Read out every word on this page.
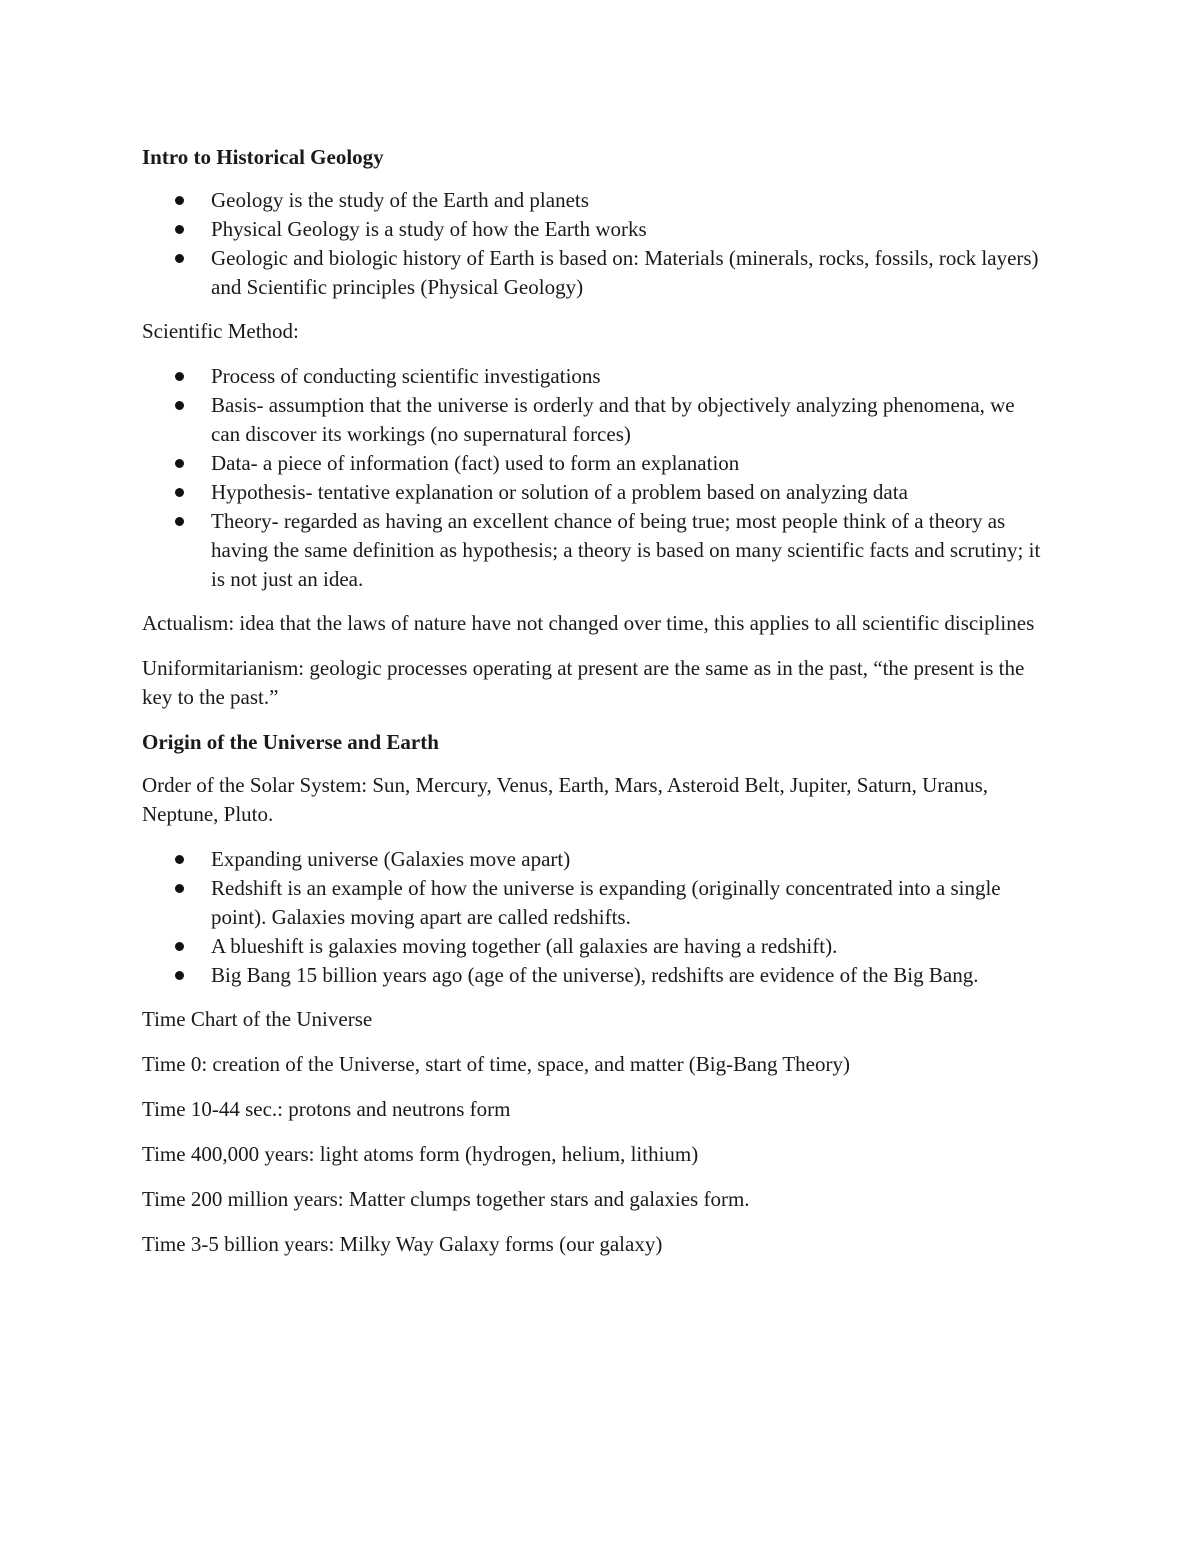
Intro to Historical Geology
Geology is the study of the Earth and planets
Physical Geology is a study of how the Earth works
Geologic and biologic history of Earth is based on: Materials (minerals, rocks, fossils, rock layers) and Scientific principles (Physical Geology)
Scientific Method:
Process of conducting scientific investigations
Basis- assumption that the universe is orderly and that by objectively analyzing phenomena, we can discover its workings (no supernatural forces)
Data- a piece of information (fact) used to form an explanation
Hypothesis- tentative explanation or solution of a problem based on analyzing data
Theory- regarded as having an excellent chance of being true; most people think of a theory as having the same definition as hypothesis; a theory is based on many scientific facts and scrutiny; it is not just an idea.
Actualism: idea that the laws of nature have not changed over time, this applies to all scientific disciplines
Uniformitarianism: geologic processes operating at present are the same as in the past, “the present is the key to the past.”
Origin of the Universe and Earth
Order of the Solar System: Sun, Mercury, Venus, Earth, Mars, Asteroid Belt, Jupiter, Saturn, Uranus, Neptune, Pluto.
Expanding universe (Galaxies move apart)
Redshift is an example of how the universe is expanding (originally concentrated into a single point). Galaxies moving apart are called redshifts.
A blueshift is galaxies moving together (all galaxies are having a redshift).
Big Bang 15 billion years ago (age of the universe), redshifts are evidence of the Big Bang.
Time Chart of the Universe
Time 0: creation of the Universe, start of time, space, and matter (Big-Bang Theory)
Time 10-44 sec.: protons and neutrons form
Time 400,000 years: light atoms form (hydrogen, helium, lithium)
Time 200 million years: Matter clumps together stars and galaxies form.
Time 3-5 billion years: Milky Way Galaxy forms (our galaxy)
